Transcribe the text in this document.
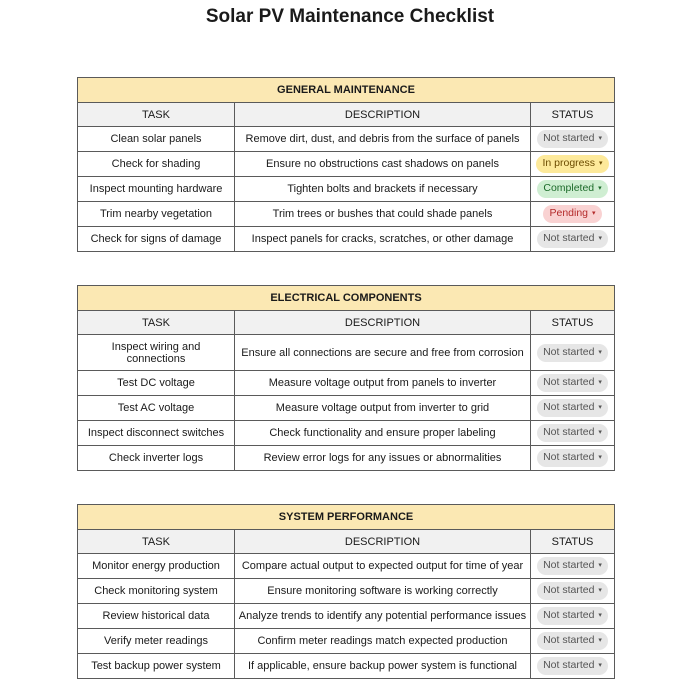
Solar PV Maintenance Checklist
GENERAL MAINTENANCE		
TASK	DESCRIPTION	STATUS
Clean solar panels	Remove dirt, dust, and debris from the surface of panels	Not started ▾
Check for shading	Ensure no obstructions cast shadows on panels	In progress ▾
Inspect mounting hardware	Tighten bolts and brackets if necessary	Completed ▾
Trim nearby vegetation	Trim trees or bushes that could shade panels	Pending ▾
Check for signs of damage	Inspect panels for cracks, scratches, or other damage	Not started ▾
ELECTRICAL COMPONENTS		
TASK	DESCRIPTION	STATUS
Inspect wiring and connections	Ensure all connections are secure and free from corrosion	Not started ▾
Test DC voltage	Measure voltage output from panels to inverter	Not started ▾
Test AC voltage	Measure voltage output from inverter to grid	Not started ▾
Inspect disconnect switches	Check functionality and ensure proper labeling	Not started ▾
Check inverter logs	Review error logs for any issues or abnormalities	Not started ▾
SYSTEM PERFORMANCE		
TASK	DESCRIPTION	STATUS
Monitor energy production	Compare actual output to expected output for time of year	Not started ▾
Check monitoring system	Ensure monitoring software is working correctly	Not started ▾
Review historical data	Analyze trends to identify any potential performance issues	Not started ▾
Verify meter readings	Confirm meter readings match expected production	Not started ▾
Test backup power system	If applicable, ensure backup power system is functional	Not started ▾
